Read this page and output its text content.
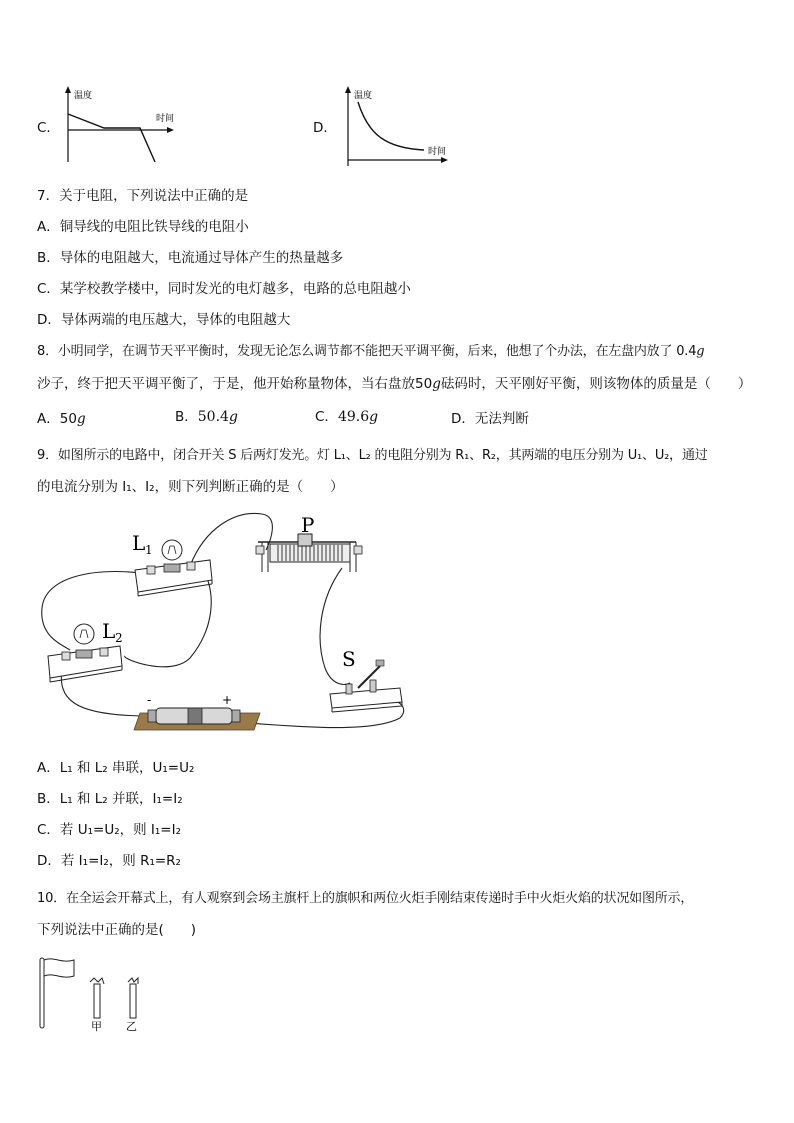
C．
温度
时间
D．
温度
时间
7．关于电阻，下列说法中正确的是
A．铜导线的电阻比铁导线的电阻小
B．导体的电阻越大，电流通过导体产生的热量越多
C．某学校教学楼中，同时发光的电灯越多，电路的总电阻越小
D．导体两端的电压越大，导体的电阻越大
8．小明同学，在调节天平平衡时，发现无论怎么调节都不能把天平调平衡，后来，他想了个办法，在左盘内放了 0.4g
沙子，终于把天平调平衡了，于是，他开始称量物体，当右盘放50g砝码时，天平刚好平衡，则该物体的质量是（　　）
A．50g	B．50.4g	C．49.6g	D．无法判断
9．如图所示的电路中，闭合开关 S 后两灯发光。灯 L₁、L₂ 的电阻分别为 R₁、R₂，其两端的电压分别为 U₁、U₂，通过
的电流分别为 I₁、I₂，则下列判断正确的是（　　）
L 1
L 2
P
S
-	+
A．L₁ 和 L₂ 串联，U₁=U₂
B．L₁ 和 L₂ 并联，I₁=I₂
C．若 U₁=U₂，则 I₁=I₂
D．若 I₁=I₂，则 R₁=R₂
10．在全运会开幕式上，有人观察到会场主旗杆上的旗帜和两位火炬手刚结束传递时手中火炬火焰的状况如图所示，
下列说法中正确的是(　　)
甲 乙
